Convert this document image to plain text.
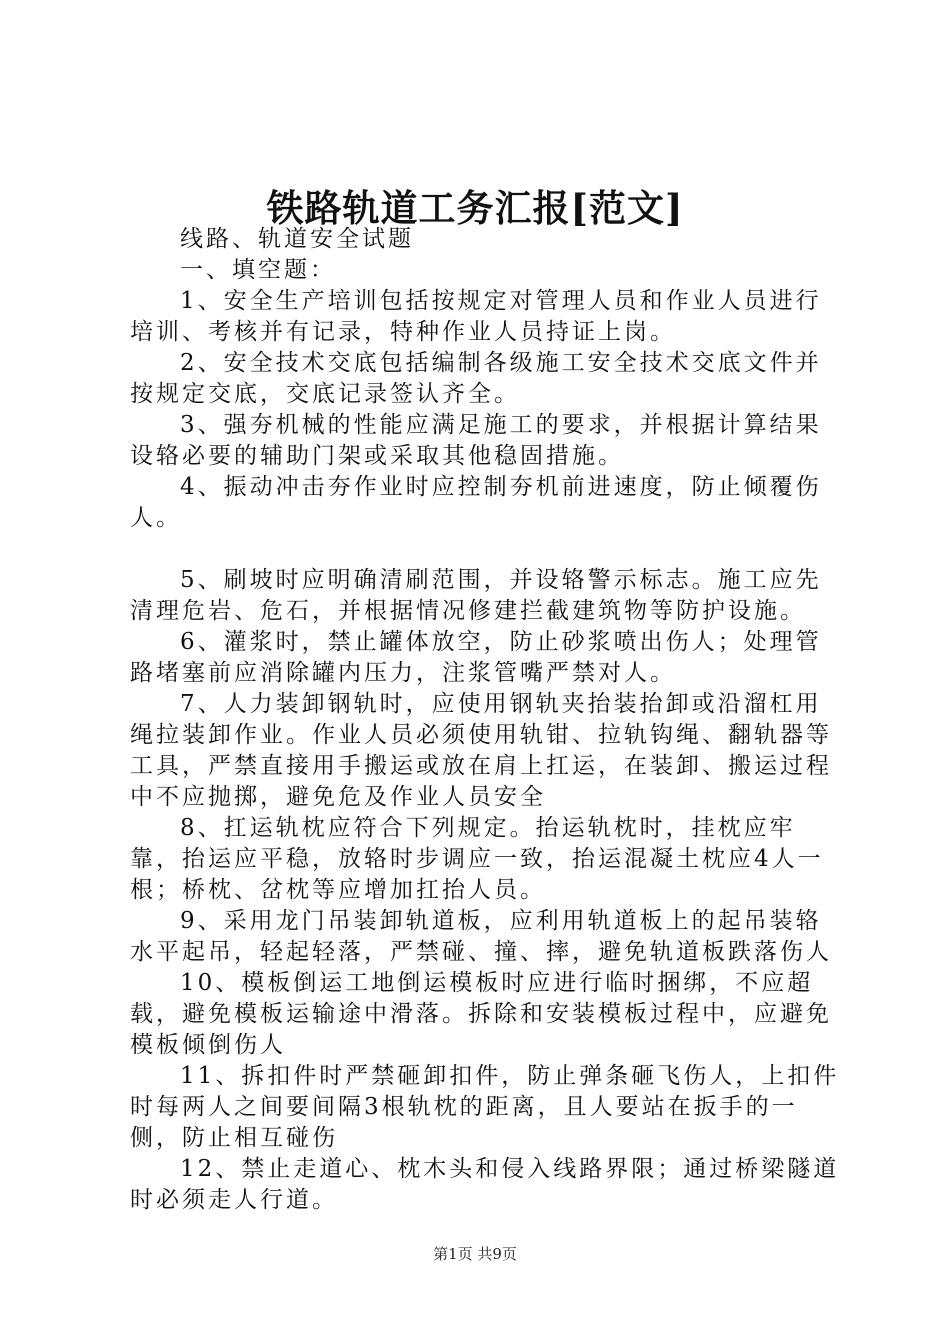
铁路轨道工务汇报[范文]

线路、轨道安全试题

一、填空题：

1、安全生产培训包括按规定对管理人员和作业人员进行培训、考核并有记录，特种作业人员持证上岗。

2、安全技术交底包括编制各级施工安全技术交底文件并按规定交底，交底记录签认齐全。

3、强夯机械的性能应满足施工的要求，并根据计算结果设辂必要的辅助门架或采取其他稳固措施。

4、振动冲击夯作业时应控制夯机前进速度，防止倾覆伤人。

5、刷坡时应明确清刷范围，并设辂警示标志。施工应先清理危岩、危石，并根据情况修建拦截建筑物等防护设施。

6、灌浆时，禁止罐体放空，防止砂浆喷出伤人；处理管路堵塞前应消除罐内压力，注浆管嘴严禁对人。

7、人力装卸钢轨时，应使用钢轨夹抬装抬卸或沿溜杠用绳拉装卸作业。作业人员必须使用轨钳、拉轨钩绳、翻轨器等工具，严禁直接用手搬运或放在肩上扛运，在装卸、搬运过程中不应抛掷，避免危及作业人员安全

8、扛运轨枕应符合下列规定。抬运轨枕时，挂枕应牢靠，抬运应平稳，放辂时步调应一致，抬运混凝土枕应4人一根；桥枕、岔枕等应增加扛抬人员。

9、采用龙门吊装卸轨道板，应利用轨道板上的起吊装辂水平起吊，轻起轻落，严禁碰、撞、摔，避免轨道板跌落伤人

10、模板倒运工地倒运模板时应进行临时捆绑，不应超载，避免模板运输途中滑落。拆除和安装模板过程中，应避免模板倾倒伤人

11、拆扣件时严禁砸卸扣件，防止弹条砸飞伤人，上扣件时每两人之间要间隔3根轨枕的距离，且人要站在扳手的一侧，防止相互碰伤

12、禁止走道心、枕木头和侵入线路界限；通过桥梁隧道时必须走人行道。

第1页 共9页
